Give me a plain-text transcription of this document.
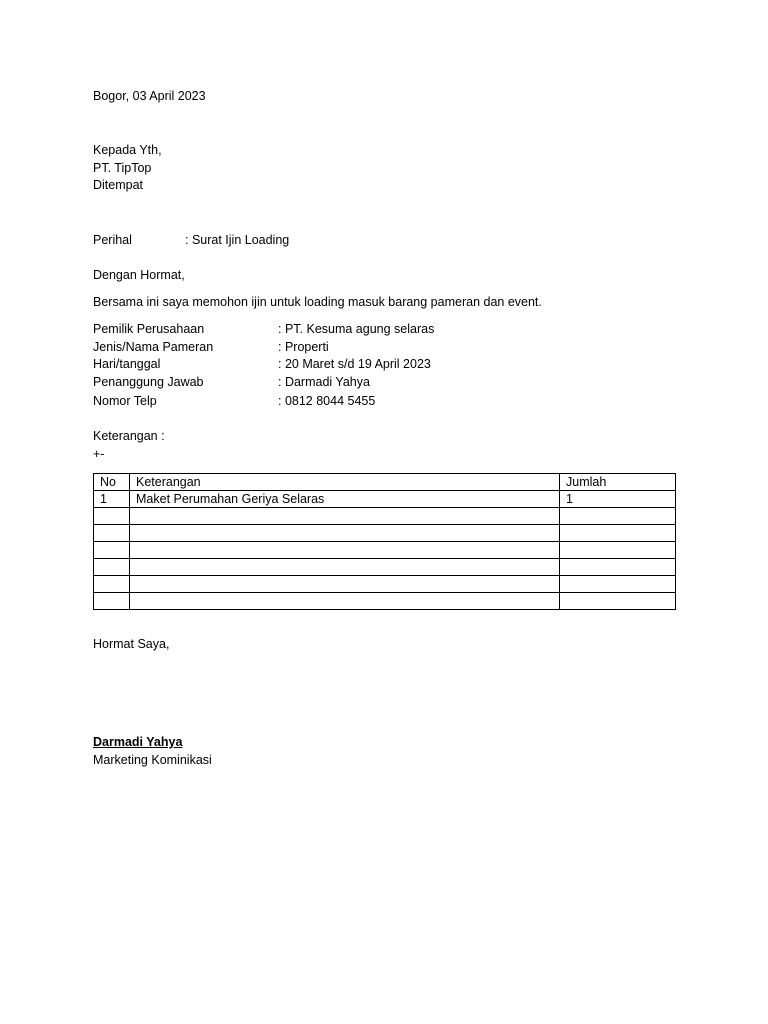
Bogor, 03 April 2023
Kepada Yth,
PT. TipTop
Ditempat
Perihal	: Surat Ijin Loading
Dengan Hormat,
Bersama ini saya memohon ijin untuk loading masuk barang pameran dan event.
Pemilik Perusahaan	: PT. Kesuma agung selaras
Jenis/Nama Pameran	: Properti
Hari/tanggal	: 20 Maret s/d 19 April 2023
Penanggung Jawab	: Darmadi Yahya
Nomor Telp	: 0812 8044 5455
Keterangan :
+-
No	Keterangan	Jumlah
1	Maket Perumahan Geriya Selaras	1

Hormat Saya,
Darmadi Yahya
Marketing Kominikasi
